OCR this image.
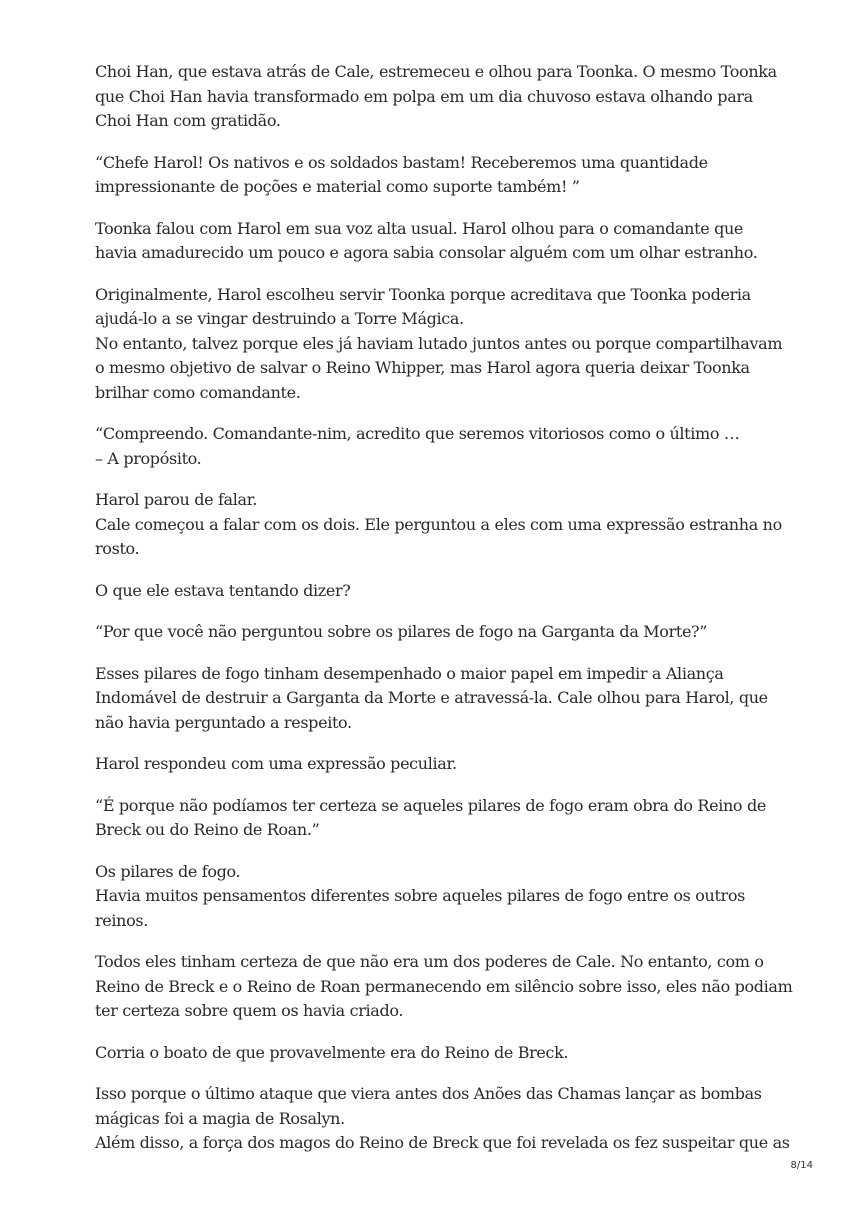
Choi Han, que estava atrás de Cale, estremeceu e olhou para Toonka. O mesmo Toonka
que Choi Han havia transformado em polpa em um dia chuvoso estava olhando para
Choi Han com gratidão.

“Chefe Harol! Os nativos e os soldados bastam! Receberemos uma quantidade
impressionante de poções e material como suporte também! ”

Toonka falou com Harol em sua voz alta usual. Harol olhou para o comandante que
havia amadurecido um pouco e agora sabia consolar alguém com um olhar estranho.

Originalmente, Harol escolheu servir Toonka porque acreditava que Toonka poderia
ajudá-lo a se vingar destruindo a Torre Mágica.
No entanto, talvez porque eles já haviam lutado juntos antes ou porque compartilhavam
o mesmo objetivo de salvar o Reino Whipper, mas Harol agora queria deixar Toonka
brilhar como comandante.

“Compreendo. Comandante-nim, acredito que seremos vitoriosos como o último …
– A propósito.

Harol parou de falar.
Cale começou a falar com os dois. Ele perguntou a eles com uma expressão estranha no
rosto.

O que ele estava tentando dizer?

“Por que você não perguntou sobre os pilares de fogo na Garganta da Morte?”

Esses pilares de fogo tinham desempenhado o maior papel em impedir a Aliança
Indomável de destruir a Garganta da Morte e atravessá-la. Cale olhou para Harol, que
não havia perguntado a respeito.

Harol respondeu com uma expressão peculiar.

“É porque não podíamos ter certeza se aqueles pilares de fogo eram obra do Reino de
Breck ou do Reino de Roan.”

Os pilares de fogo.
Havia muitos pensamentos diferentes sobre aqueles pilares de fogo entre os outros
reinos.

Todos eles tinham certeza de que não era um dos poderes de Cale. No entanto, com o
Reino de Breck e o Reino de Roan permanecendo em silêncio sobre isso, eles não podiam
ter certeza sobre quem os havia criado.

Corria o boato de que provavelmente era do Reino de Breck.

Isso porque o último ataque que viera antes dos Anões das Chamas lançar as bombas
mágicas foi a magia de Rosalyn.
Além disso, a força dos magos do Reino de Breck que foi revelada os fez suspeitar que as

8/14
